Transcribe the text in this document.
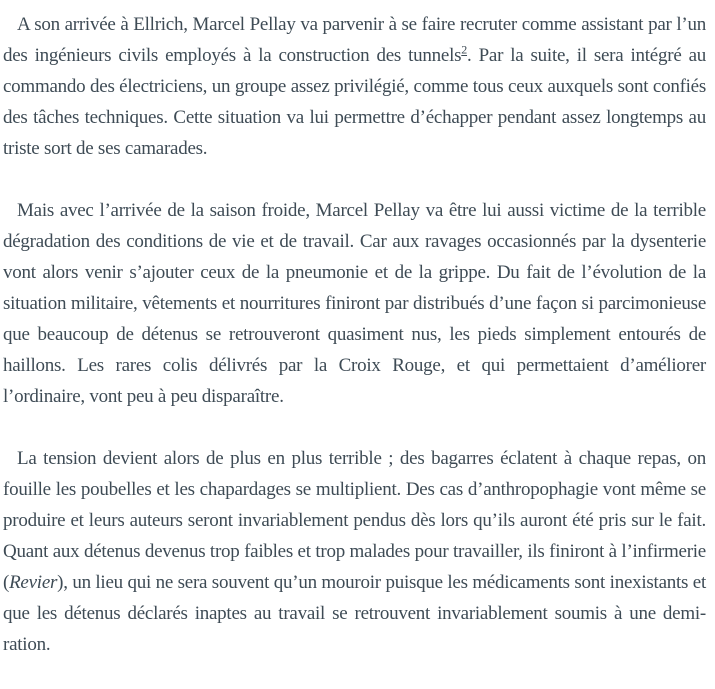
A son arrivée à Ellrich, Marcel Pellay va parvenir à se faire recruter comme assistant par l’un des ingénieurs civils employés à la construction des tunnels$^2$. Par la suite, il sera intégré au commando des électriciens, un groupe assez privilégié, comme tous ceux auxquels sont confiés des tâches techniques. Cette situation va lui permettre d’échapper pendant assez longtemps au triste sort de ses camarades.

Mais avec l’arrivée de la saison froide, Marcel Pellay va être lui aussi victime de la terrible dégradation des conditions de vie et de travail. Car aux ravages occasionnés par la dysenterie vont alors venir s’ajouter ceux de la pneumonie et de la grippe. Du fait de l’évolution de la situation militaire, vêtements et nourritures finiront par distribués d’une façon si parcimonieuse que beaucoup de détenus se retrouveront quasiment nus, les pieds simplement entourés de haillons. Les rares colis délivrés par la Croix Rouge, et qui permettaient d’améliorer l’ordinaire, vont peu à peu disparaître.

La tension devient alors de plus en plus terrible ; des bagarres éclatent à chaque repas, on fouille les poubelles et les chapardages se multiplient. Des cas d’anthropophagie vont même se produire et leurs auteurs seront invariablement pendus dès lors qu’ils auront été pris sur le fait. Quant aux détenus devenus trop faibles et trop malades pour travailler, ils finiront à l’infirmerie (Revier), un lieu qui ne sera souvent qu’un mouroir puisque les médicaments sont inexistants et que les détenus déclarés inaptes au travail se retrouvent invariablement soumis à une demi-ration.
